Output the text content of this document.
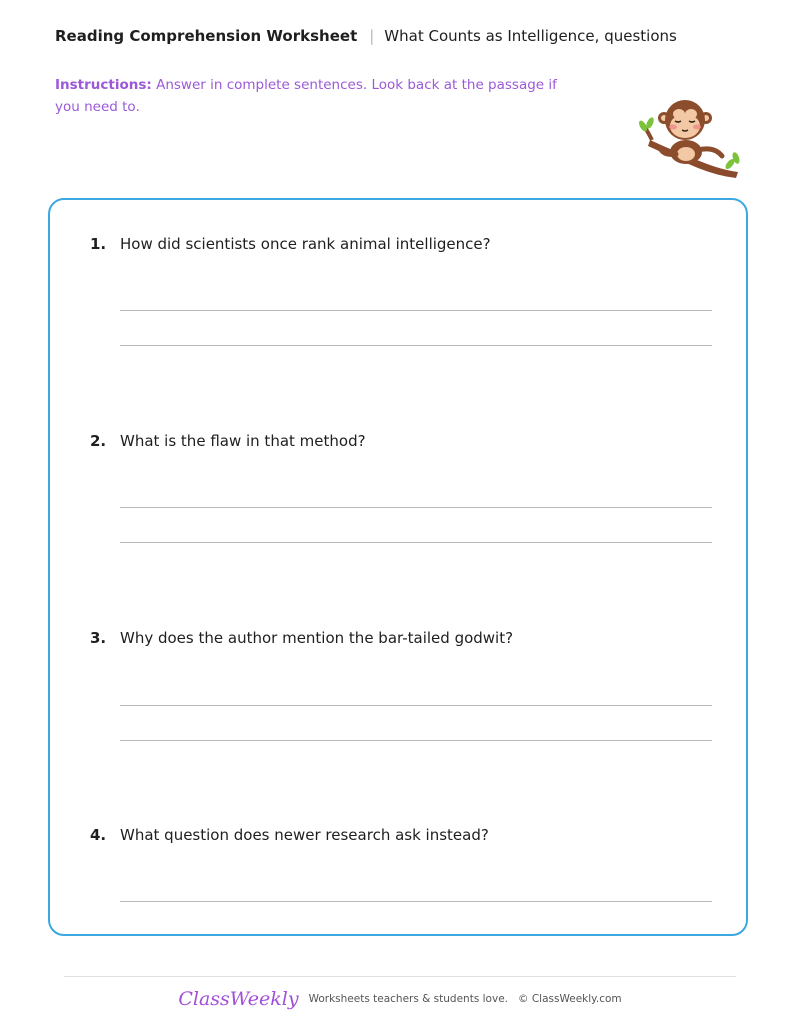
Reading Comprehension Worksheet | What Counts as Intelligence, questions
Instructions: Answer in complete sentences. Look back at the passage if you need to.
1. How did scientists once rank animal intelligence?
2. What is the flaw in that method?
3. Why does the author mention the bar-tailed godwit?
4. What question does newer research ask instead?
ClassWeekly Worksheets teachers & students love. © ClassWeekly.com
